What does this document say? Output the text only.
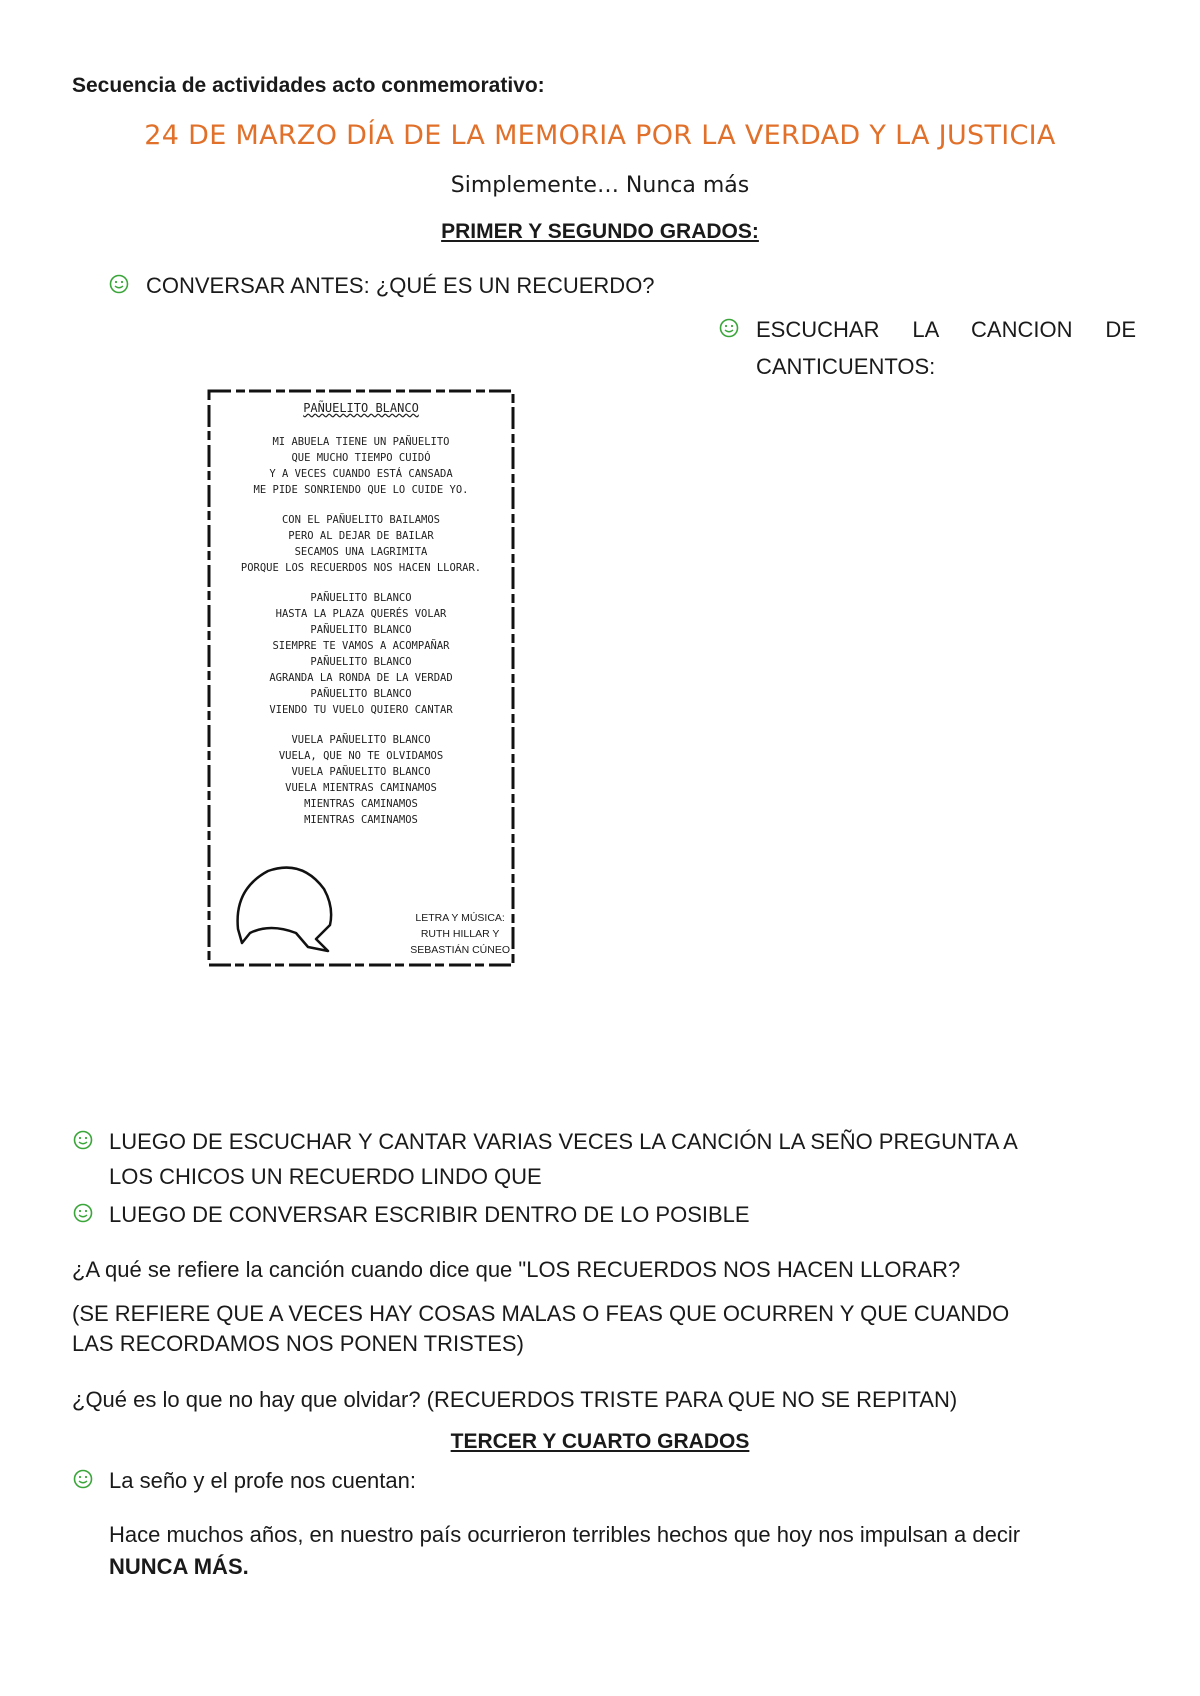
Secuencia de actividades acto conmemorativo:
24 DE MARZO DÍA DE LA MEMORIA POR LA VERDAD Y LA JUSTICIA
Simplemente… Nunca más
PRIMER Y SEGUNDO GRADOS:
CONVERSAR ANTES: ¿QUÉ ES UN RECUERDO?
ESCUCHAR LA CANCION DE
CANTICUENTOS:
PAÑUELITO BLANCO
MI ABUELA TIENE UN PAÑUELITO
QUE MUCHO TIEMPO CUIDÓ
Y A VECES CUANDO ESTÁ CANSADA
ME PIDE SONRIENDO QUE LO CUIDE YO.
CON EL PAÑUELITO BAILAMOS
PERO AL DEJAR DE BAILAR
SECAMOS UNA LAGRIMITA
PORQUE LOS RECUERDOS NOS HACEN LLORAR.
PAÑUELITO BLANCO
HASTA LA PLAZA QUERÉS VOLAR
PAÑUELITO BLANCO
SIEMPRE TE VAMOS A ACOMPAÑAR
PAÑUELITO BLANCO
AGRANDA LA RONDA DE LA VERDAD
PAÑUELITO BLANCO
VIENDO TU VUELO QUIERO CANTAR
VUELA PAÑUELITO BLANCO
VUELA, QUE NO TE OLVIDAMOS
VUELA PAÑUELITO BLANCO
VUELA MIENTRAS CAMINAMOS
MIENTRAS CAMINAMOS
MIENTRAS CAMINAMOS
LETRA Y MÚSICA:
RUTH HILLAR Y
SEBASTIÁN CÚNEO
LUEGO DE ESCUCHAR Y CANTAR VARIAS VECES LA CANCIÓN LA SEÑO PREGUNTA A
LOS CHICOS UN RECUERDO LINDO QUE
LUEGO DE CONVERSAR ESCRIBIR DENTRO DE LO POSIBLE
¿A qué se refiere la canción cuando dice que "LOS RECUERDOS NOS HACEN LLORAR?
(SE REFIERE QUE A VECES HAY COSAS MALAS O FEAS QUE OCURREN Y QUE CUANDO
LAS RECORDAMOS NOS PONEN TRISTES)
¿Qué es lo que no hay que olvidar? (RECUERDOS TRISTE PARA QUE NO SE REPITAN)
TERCER Y CUARTO GRADOS
La seño y el profe nos cuentan:
Hace muchos años, en nuestro país ocurrieron terribles hechos que hoy nos impulsan a decir
NUNCA MÁS.
